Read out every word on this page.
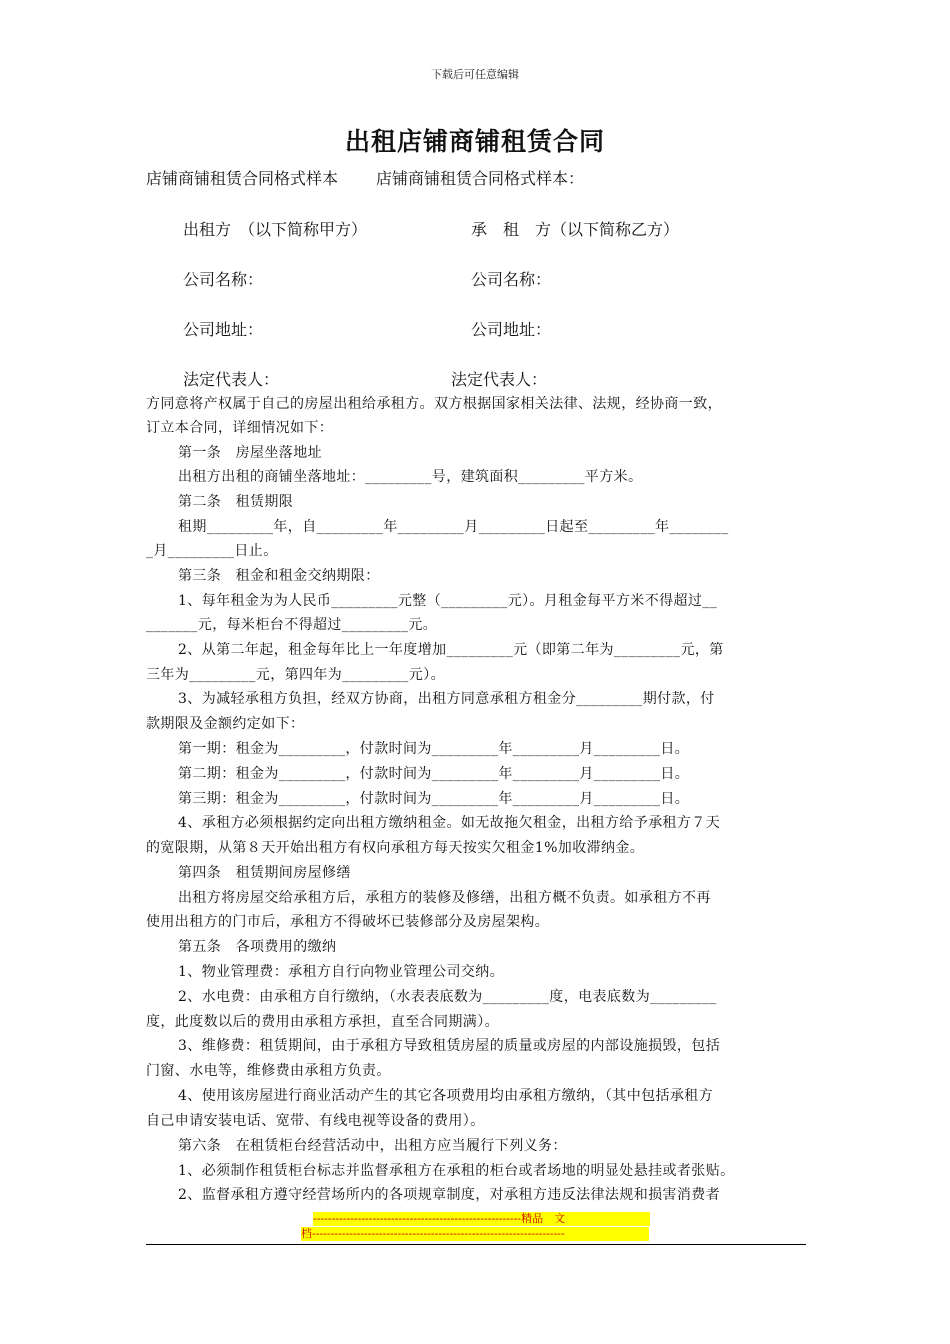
下载后可任意编辑
出租店铺商铺租赁合同
店铺商铺租赁合同格式样本 店铺商铺租赁合同格式样本：
出租方　（以下简称甲方）	承　租　方（以下简称乙方）
公司名称：	公司名称：
公司地址：	公司地址：
法定代表人：	法定代表人：
方同意将产权属于自己的房屋出租给承租方。双方根据国家相关法律、法规，经协商一致，
订立本合同，详细情况如下：
第一条　房屋坐落地址
出租方出租的商铺坐落地址：_________号，建筑面积_________平方米。
第二条　租赁期限
租期_________年，自_________年_________月_________日起至_________年________
_月_________日止。
第三条　租金和租金交纳期限：
1、每年租金为为人民币_________元整（_________元）。月租金每平方米不得超过__
_______元，每米柜台不得超过_________元。
2、从第二年起，租金每年比上一年度增加_________元（即第二年为_________元，第
三年为_________元，第四年为_________元）。
3、为减轻承租方负担，经双方协商，出租方同意承租方租金分_________期付款，付
款期限及金额约定如下：
第一期：租金为_________，付款时间为_________年_________月_________日。
第二期：租金为_________，付款时间为_________年_________月_________日。
第三期：租金为_________，付款时间为_________年_________月_________日。
4、承租方必须根据约定向出租方缴纳租金。如无故拖欠租金，出租方给予承租方７天
的宽限期，从第８天开始出租方有权向承租方每天按实欠租金1%加收滞纳金。
第四条　租赁期间房屋修缮
出租方将房屋交给承租方后，承租方的装修及修缮，出租方概不负责。如承租方不再
使用出租方的门市后，承租方不得破坏已装修部分及房屋架构。
第五条　各项费用的缴纳
1、物业管理费：承租方自行向物业管理公司交纳。
2、水电费：由承租方自行缴纳，（水表表底数为_________度，电表底数为_________
度，此度数以后的费用由承租方承担，直至合同期满）。
3、维修费：租赁期间，由于承租方导致租赁房屋的质量或房屋的内部设施损毁，包括
门窗、水电等，维修费由承租方负责。
4、使用该房屋进行商业活动产生的其它各项费用均由承租方缴纳，（其中包括承租方
自己申请安装电话、宽带、有线电视等设备的费用）。
第六条　在租赁柜台经营活动中，出租方应当履行下列义务：
1、必须制作租赁柜台标志并监督承租方在承租的柜台或者场地的明显处悬挂或者张贴。
2、监督承租方遵守经营场所内的各项规章制度，对承租方违反法律法规和损害消费者
--------------------------------------------------------精品　文
档--------------------------------------------------------------------
